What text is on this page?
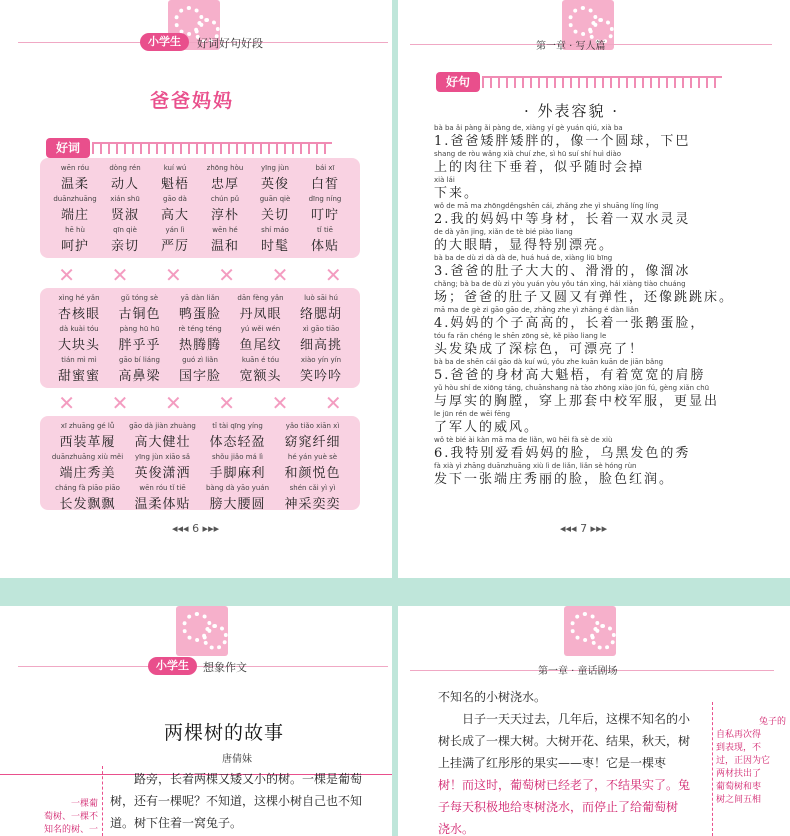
小学生	好词好句好段
爸爸妈妈
好词
wēn róu
温柔
dòng rén
动人
kuí wú
魁梧
zhōng hòu
忠厚
yīng jùn
英俊
bái xī
白皙
duānzhuāng
端庄
xián shū
贤淑
gāo dà
高大
chún pǔ
淳朴
guān qiè
关切
dīng níng
叮咛
hē hù
呵护
qīn qiè
亲切
yán lì
严厉
wēn hé
温和
shí máo
时髦
tǐ tiē
体贴
✕ ✕ ✕ ✕ ✕ ✕
xìng hé yǎn
杏核眼
gǔ tóng sè
古铜色
yā dàn liǎn
鸭蛋脸
dān fèng yǎn
丹凤眼
luò sāi hú
络腮胡
dà kuài tóu
大块头
pàng hū hū
胖乎乎
rè téng téng
热腾腾
yú wěi wén
鱼尾纹
xì gāo tiāo
细高挑
tián mì mì
甜蜜蜜
gāo bí liáng
高鼻梁
guó zì liǎn
国字脸
kuān é tóu
宽额头
xiào yín yín
笑吟吟
✕ ✕ ✕ ✕ ✕ ✕
xī zhuāng gé lǚ
西装革履
gāo dà jiàn zhuàng
高大健壮
tǐ tài qīng yíng
体态轻盈
yǎo tiǎo xiān xì
窈窕纤细
duānzhuāng xiù měi
端庄秀美
yīng jùn xiāo sǎ
英俊潇洒
shǒu jiǎo má lì
手脚麻利
hé yán yuè sè
和颜悦色
cháng fà piāo piāo
长发飘飘
wēn róu tǐ tiē
温柔体贴
bàng dà yāo yuán
膀大腰圆
shén cǎi yì yì
神采奕奕
◂◂◂ 6 ▸▸▸
第一章 · 写人篇
好句
· 外表容貌 ·
bà ba ǎi pàng ǎi pàng de, xiàng yí gè yuán qiú, xià ba
1.爸爸矮胖矮胖的，像一个圆球，下巴
shang de ròu wǎng xià chuí zhe, sì hū suí shí huì diào
上的肉往下垂着，似乎随时会掉
xià lái
下来。
wǒ de mā ma zhōngděngshēn cái, zhǎng zhe yì shuāng líng líng
2.我的妈妈中等身材，长着一双水灵灵
de dà yǎn jing, xiǎn de tè bié piào liang
的大眼睛，显得特别漂亮。
bà ba de dù zi dà dà de, huá huá de, xiàng liū bīng
3.爸爸的肚子大大的、滑滑的，像溜冰
chǎng; bà ba de dù zi yòu yuán yòu yǒu tán xìng, hái xiàng tiào chuáng
场；爸爸的肚子又圆又有弹性，还像跳跳床。
mā ma de gè zi gāo gāo de, zhǎng zhe yì zhāng é dàn liǎn
4.妈妈的个子高高的，长着一张鹅蛋脸，
tóu fa rǎn chéng le shēn zōng sè, kě piào liang le
头发染成了深棕色，可漂亮了！
bà ba de shēn cái gāo dà kuí wú, yǒu zhe kuān kuān de jiān bǎng
5.爸爸的身材高大魁梧，有着宽宽的肩膀
yǔ hòu shí de xiōng táng, chuānshang nà tào zhōng xiào jūn fú, gèng xiǎn chū
与厚实的胸膛，穿上那套中校军服，更显出
le jūn rén de wēi fēng
了军人的威风。
wǒ tè bié ài kàn mā ma de liǎn, wū hēi fà sè de xiù
6.我特别爱看妈妈的脸，乌黑发色的秀
fà xià yì zhāng duānzhuāng xiù lì de liǎn, liǎn sè hóng rùn
发下一张端庄秀丽的脸，脸色红润。
◂◂◂ 7 ▸▸▸
小学生	想象作文
两棵树的故事
唐倩妹
路旁，长着两棵又矮又小的树。一棵是葡萄
树，还有一棵呢？不知道，这棵小树自己也不知
道。树下住着一窝兔子。
一棵葡
萄树、一棵不
知名的树、一
第一章 · 童话剧场
不知名的小树浇水。
日子一天天过去，几年后，这棵不知名的小
树长成了一棵大树。大树开花、结果，秋天，树
上挂满了红彤彤的果实——枣！它是一棵枣
树！而这时，葡萄树已经老了，不结果实了。兔
子每天积极地给枣树浇水，而停止了给葡萄树
浇水。
兔子的
自私再次得
到表现，不
过，正因为它
两材扶出了
葡萄树和枣
树之间五相
